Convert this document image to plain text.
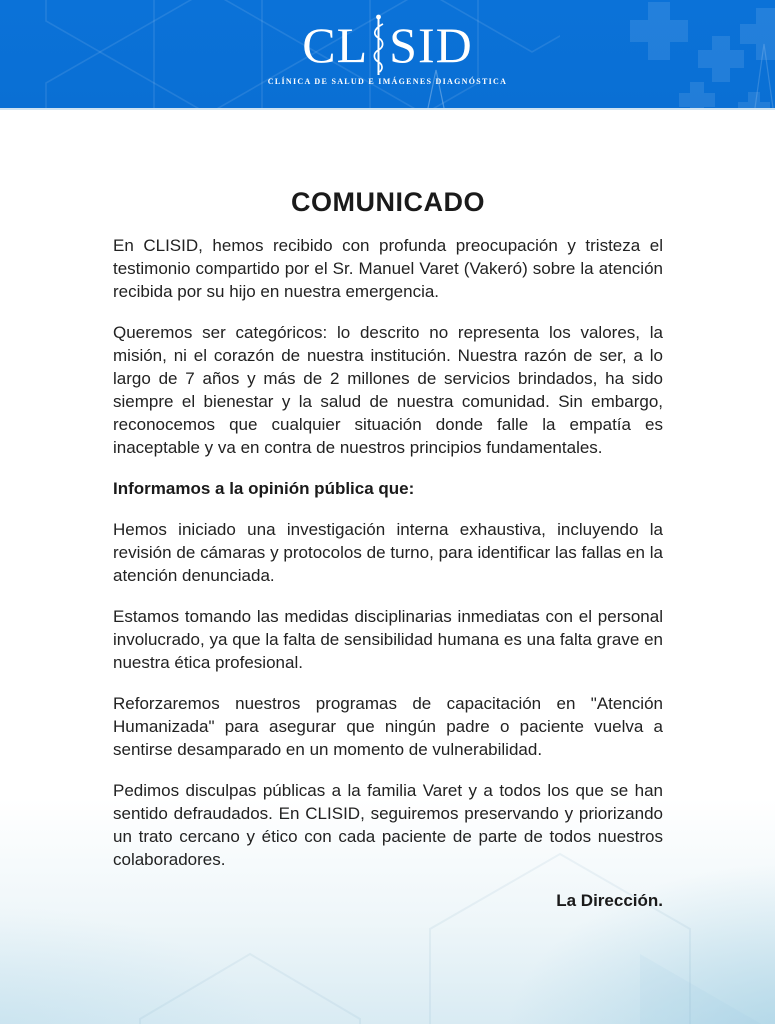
CL SID
CLÍNICA DE SALUD E IMÁGENES DIAGNÓSTICA
COMUNICADO

En CLISID, hemos recibido con profunda preocupación y tristeza el testimonio compartido por el Sr. Manuel Varet (Vakeró) sobre la atención recibida por su hijo en nuestra emergencia.

Queremos ser categóricos: lo descrito no representa los valores, la misión, ni el corazón de nuestra institución. Nuestra razón de ser, a lo largo de 7 años y más de 2 millones de servicios brindados, ha sido siempre el bienestar y la salud de nuestra comunidad. Sin embargo, reconocemos que cualquier situación donde falle la empatía es inaceptable y va en contra de nuestros principios fundamentales.

Informamos a la opinión pública que:

Hemos iniciado una investigación interna exhaustiva, incluyendo la revisión de cámaras y protocolos de turno, para identificar las fallas en la atención denunciada.

Estamos tomando las medidas disciplinarias inmediatas con el personal involucrado, ya que la falta de sensibilidad humana es una falta grave en nuestra ética profesional.

Reforzaremos nuestros programas de capacitación en "Atención Humanizada" para asegurar que ningún padre o paciente vuelva a sentirse desamparado en un momento de vulnerabilidad.

Pedimos disculpas públicas a la familia Varet y a todos los que se han sentido defraudados. En CLISID, seguiremos preservando y priorizando un trato cercano y ético con cada paciente de parte de todos nuestros colaboradores.

La Dirección.
